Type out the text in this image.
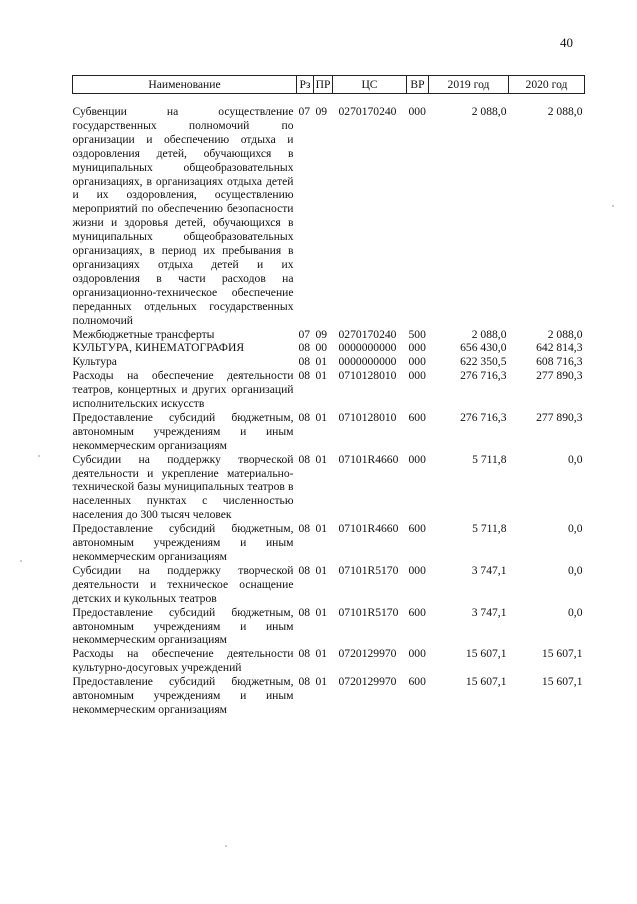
40
Наименование	Рз	ПР	ЦС	ВР	2019 год	2020 год

Субвенции на осуществление государственных полномочий по организации и обеспечению отдыха и оздоровления детей, обучающихся в муниципальных общеобразовательных организациях, в организациях отдыха детей и их оздоровления, осуществлению мероприятий по обеспечению безопасности жизни и здоровья детей, обучающихся в муниципальных общеобразовательных организациях, в период их пребывания в организациях отдыха детей и их оздоровления в части расходов на организационно-техническое обеспечение переданных отдельных государственных полномочий	07	09	0270170240	000	2 088,0	2 088,0
Межбюджетные трансферты	07	09	0270170240	500	2 088,0	2 088,0
КУЛЬТУРА, КИНЕМАТОГРАФИЯ	08	00	0000000000	000	656 430,0	642 814,3
Культура	08	01	0000000000	000	622 350,5	608 716,3
Расходы на обеспечение деятельности театров, концертных и других организаций исполнительских искусств	08	01	0710128010	000	276 716,3	277 890,3
Предоставление субсидий бюджетным, автономным учреждениям и иным некоммерческим организациям	08	01	0710128010	600	276 716,3	277 890,3
Субсидии на поддержку творческой деятельности и укрепление материально-технической базы муниципальных театров в населенных пунктах с численностью населения до 300 тысяч человек	08	01	07101R4660	000	5 711,8	0,0
Предоставление субсидий бюджетным, автономным учреждениям и иным некоммерческим организациям	08	01	07101R4660	600	5 711,8	0,0
Субсидии на поддержку творческой деятельности и техническое оснащение детских и кукольных театров	08	01	07101R5170	000	3 747,1	0,0
Предоставление субсидий бюджетным, автономным учреждениям и иным некоммерческим организациям	08	01	07101R5170	600	3 747,1	0,0
Расходы на обеспечение деятельности культурно-досуговых учреждений	08	01	0720129970	000	15 607,1	15 607,1
Предоставление субсидий бюджетным, автономным учреждениям и иным некоммерческим организациям	08	01	0720129970	600	15 607,1	15 607,1
